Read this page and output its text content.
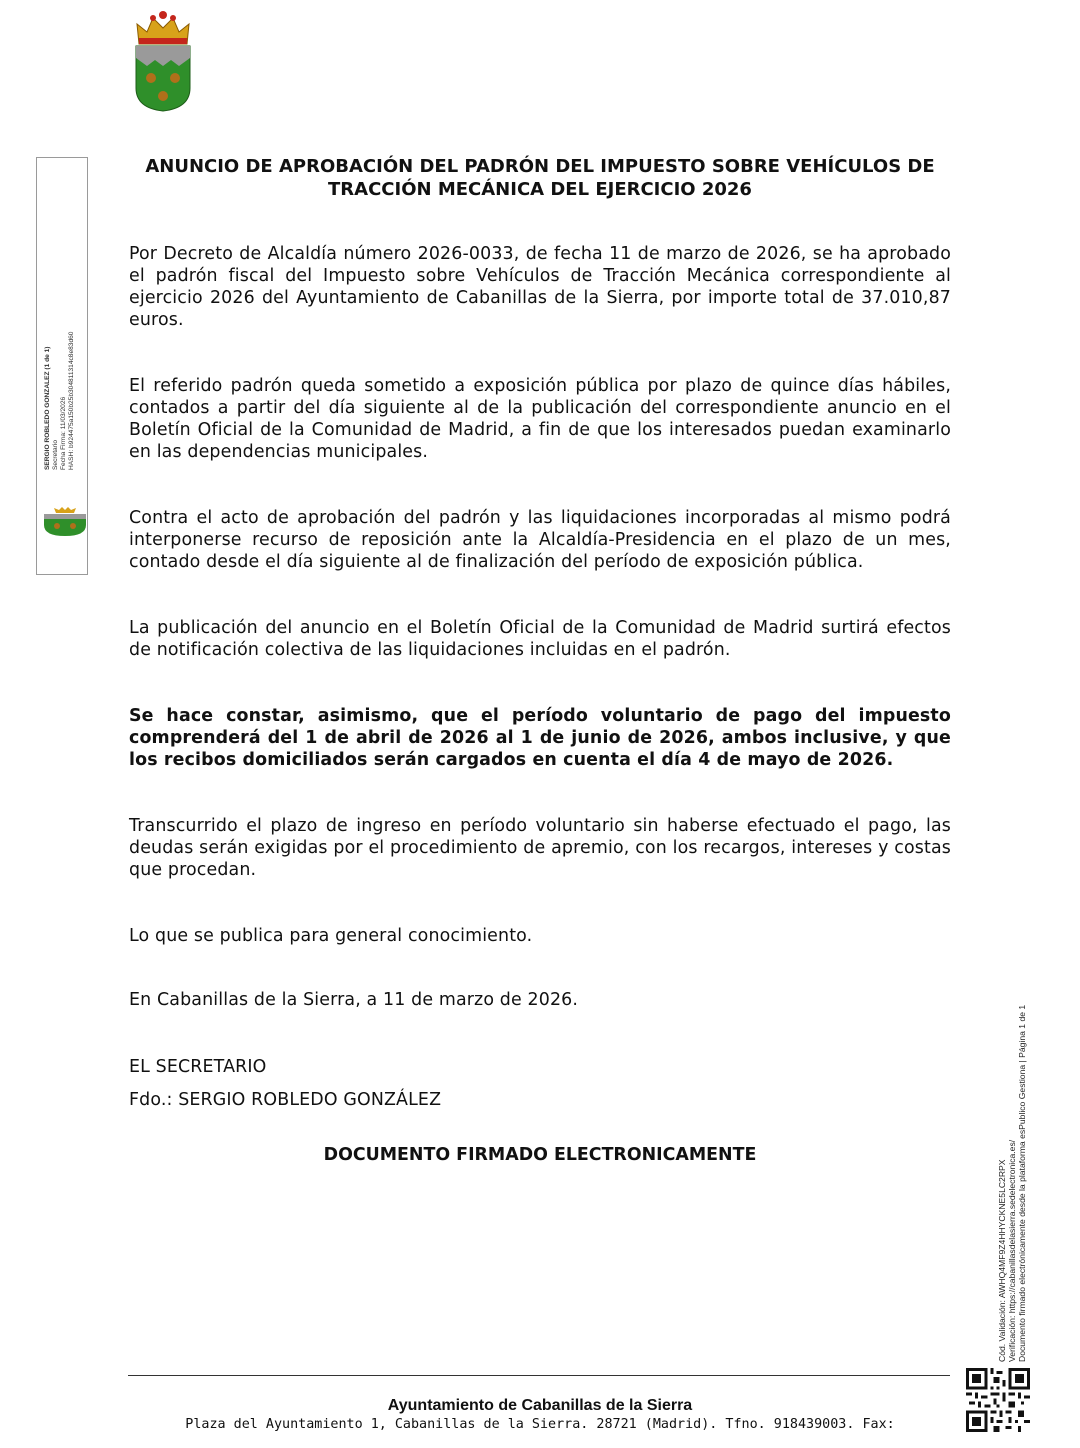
SERGIO ROBLEDO GONZALEZ (1 de 1) Secretario Fecha Firma: 11/03/2026 HASH: b924475a150b25b304811314c8e83d60
ANUNCIO DE APROBACIÓN DEL PADRÓN DEL IMPUESTO SOBRE VEHÍCULOS DE
TRACCIÓN MECÁNICA DEL EJERCICIO 2026

Por Decreto de Alcaldía número 2026-0033, de fecha 11 de marzo de 2026, se ha aprobado el padrón fiscal del Impuesto sobre Vehículos de Tracción Mecánica correspondiente al ejercicio 2026 del Ayuntamiento de Cabanillas de la Sierra, por importe total de 37.010,87 euros.

El referido padrón queda sometido a exposición pública por plazo de quince días hábiles, contados a partir del día siguiente al de la publicación del correspondiente anuncio en el Boletín Oficial de la Comunidad de Madrid, a fin de que los interesados puedan examinarlo en las dependencias municipales.

Contra el acto de aprobación del padrón y las liquidaciones incorporadas al mismo podrá interponerse recurso de reposición ante la Alcaldía-Presidencia en el plazo de un mes, contado desde el día siguiente al de finalización del período de exposición pública.

La publicación del anuncio en el Boletín Oficial de la Comunidad de Madrid surtirá efectos de notificación colectiva de las liquidaciones incluidas en el padrón.

Se hace constar, asimismo, que el período voluntario de pago del impuesto comprenderá del 1 de abril de 2026 al 1 de junio de 2026, ambos inclusive, y que los recibos domiciliados serán cargados en cuenta el día 4 de mayo de 2026.

Transcurrido el plazo de ingreso en período voluntario sin haberse efectuado el pago, las deudas serán exigidas por el procedimiento de apremio, con los recargos, intereses y costas que procedan.

Lo que se publica para general conocimiento.

En Cabanillas de la Sierra, a 11 de marzo de 2026.

EL SECRETARIO

Fdo.: SERGIO ROBLEDO GONZÁLEZ

DOCUMENTO FIRMADO ELECTRONICAMENTE
Cód. Validación: AWHQ4MF9Z4HHYCKNE5LC2RPX Verificación: https://cabanillasdelasierra.sedelectronica.es/ Documento firmado electrónicamente desde la plataforma esPublico Gestiona | Página 1 de 1
Ayuntamiento de Cabanillas de la Sierra
Plaza del Ayuntamiento 1, Cabanillas de la Sierra. 28721 (Madrid). Tfno. 918439003. Fax:
